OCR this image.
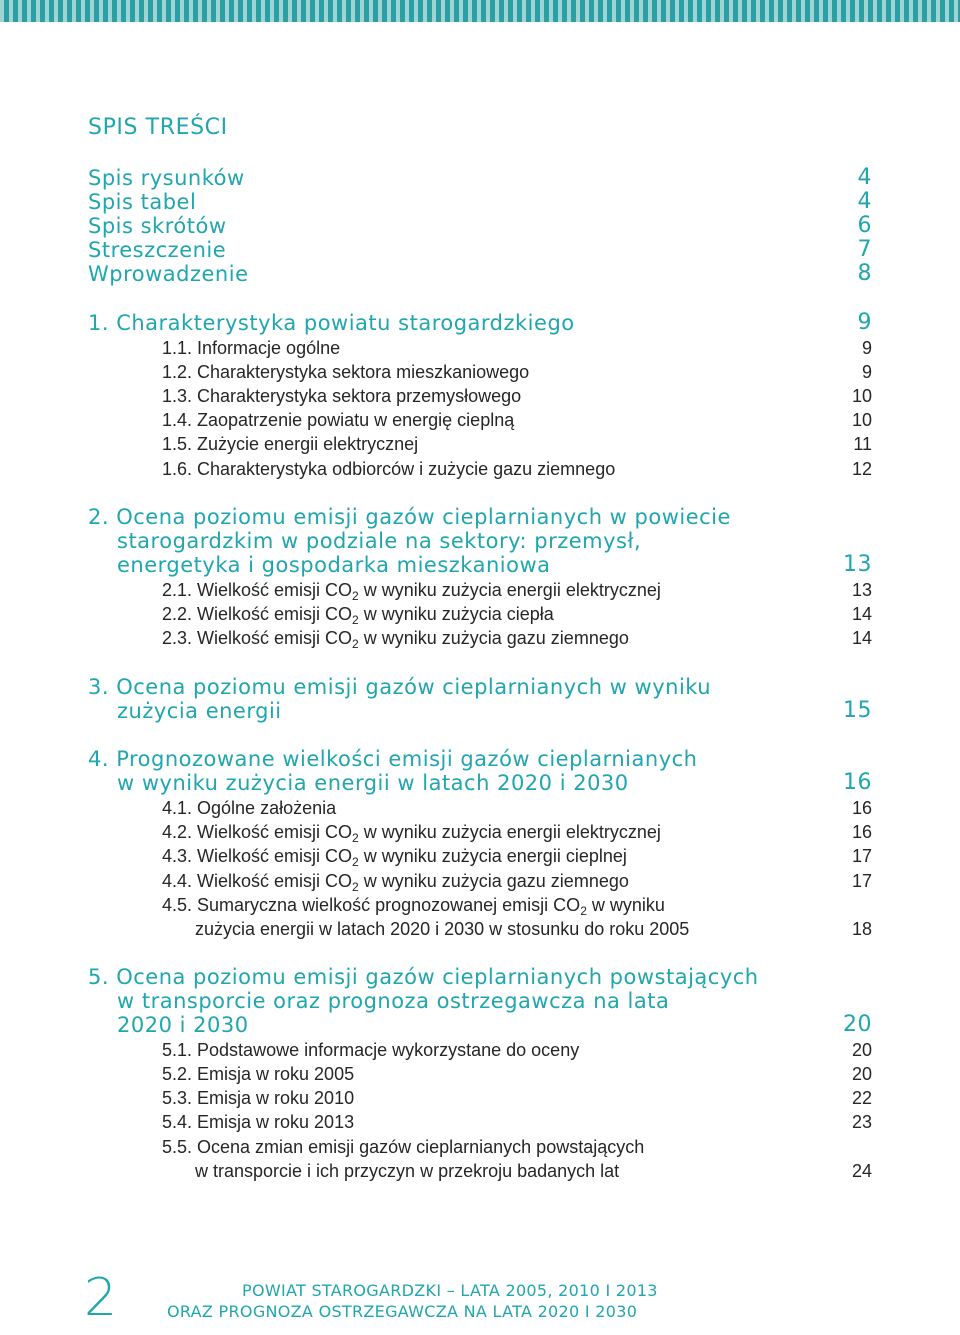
SPIS TREŚCI
Spis rysunków	4
Spis tabel	4
Spis skrótów	6
Streszczenie	7
Wprowadzenie	8
1. Charakterystyka powiatu starogardzkiego	9
1.1. Informacje ogólne	9
1.2. Charakterystyka sektora mieszkaniowego	9
1.3. Charakterystyka sektora przemysłowego	10
1.4. Zaopatrzenie powiatu w energię cieplną	10
1.5. Zużycie energii elektrycznej	11
1.6. Charakterystyka odbiorców i zużycie gazu ziemnego	12
2. Ocena poziomu emisji gazów cieplarnianych w powiecie
starogardzkim w podziale na sektory: przemysł,
energetyka i gospodarka mieszkaniowa	13
2.1. Wielkość emisji $CO_2$ w wyniku zużycia energii elektrycznej	13
2.2. Wielkość emisji $CO_2$ w wyniku zużycia ciepła	14
2.3. Wielkość emisji $CO_2$ w wyniku zużycia gazu ziemnego	14
3. Ocena poziomu emisji gazów cieplarnianych w wyniku
zużycia energii	15
4. Prognozowane wielkości emisji gazów cieplarnianych
w wyniku zużycia energii w latach 2020 i 2030	16
4.1. Ogólne założenia	16
4.2. Wielkość emisji $CO_2$ w wyniku zużycia energii elektrycznej	16
4.3. Wielkość emisji $CO_2$ w wyniku zużycia energii cieplnej	17
4.4. Wielkość emisji $CO_2$ w wyniku zużycia gazu ziemnego	17
4.5. Sumaryczna wielkość prognozowanej emisji $CO_2$ w wyniku
zużycia energii w latach 2020 i 2030 w stosunku do roku 2005	18
5. Ocena poziomu emisji gazów cieplarnianych powstających
w transporcie oraz prognoza ostrzegawcza na lata
2020 i 2030	20
5.1. Podstawowe informacje wykorzystane do oceny	20
5.2. Emisja w roku 2005	20
5.3. Emisja w roku 2010	22
5.4. Emisja w roku 2013	23
5.5. Ocena zmian emisji gazów cieplarnianych powstających
w transporcie i ich przyczyn w przekroju badanych lat	24
2	POWIAT STAROGARDZKI – LATA 2005, 2010 I 2013
ORAZ PROGNOZA OSTRZEGAWCZA NA LATA 2020 I 2030
